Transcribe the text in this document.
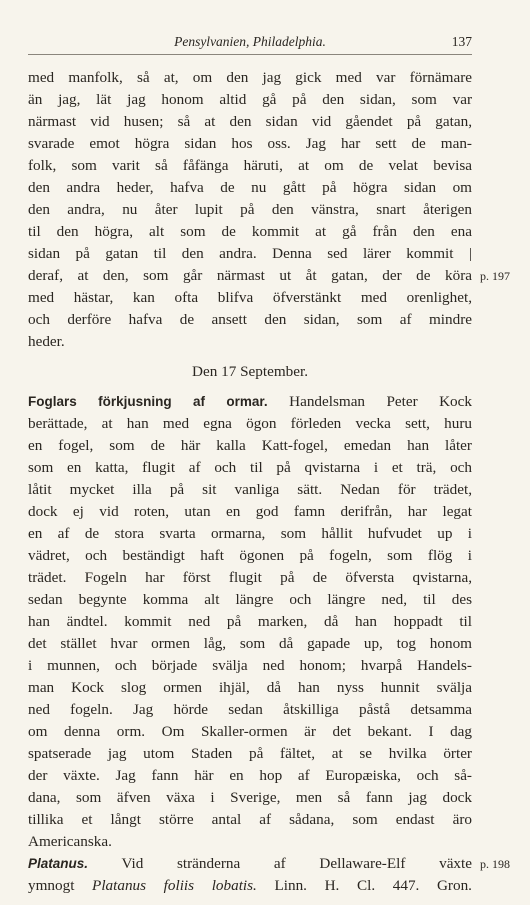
Pensylvanien, Philadelphia.	137
med manfolk, så at, om den jag gick med var förnämare
än jag, lät jag honom altid gå på den sidan, som var
närmast vid husen; så at den sidan vid gåendet på gatan,
svarade emot högra sidan hos oss. Jag har sett de man-
folk, som varit så fåfänga häruti, at om de velat bevisa
den andra heder, hafva de nu gått på högra sidan om
den andra, nu åter lupit på den vänstra, snart återigen
til den högra, alt som de kommit at gå från den ena
sidan på gatan til den andra. Denna sed lärer kommit |
deraf, at den, som går närmast ut åt gatan, der de köra
med hästar, kan ofta blifva öfverstänkt med orenlighet,
och derföre hafva de ansett den sidan, som af mindre
heder.
Den 17 September.
Foglars förkjusning af ormar. Handelsman Peter Kock
berättade, at han med egna ögon förleden vecka sett, huru
en fogel, som de här kalla Katt-fogel, emedan han låter
som en katta, flugit af och til på qvistarna i et trä, och
låtit mycket illa på sit vanliga sätt. Nedan för trädet,
dock ej vid roten, utan en god famn derifrån, har legat
en af de stora svarta ormarna, som hållit hufvudet up i
vädret, och beständigt haft ögonen på fogeln, som flög i
trädet. Fogeln har först flugit på de öfversta qvistarna,
sedan begynte komma alt längre och längre ned, til des
han ändtel. kommit ned på marken, då han hoppadt til
det stället hvar ormen låg, som då gapade up, tog honom
i munnen, och började svälja ned honom; hvarpå Handels-
man Kock slog ormen ihjäl, då han nyss hunnit svälja
ned fogeln. Jag hörde sedan åtskilliga påstå detsamma
om denna orm. Om Skaller-ormen är det bekant. I dag
spatserade jag utom Staden på fältet, at se hvilka örter
der växte. Jag fann här en hop af Europæiska, och så-
dana, som äfven växa i Sverige, men så fann jag dock
tillika et långt större antal af sådana, som endast äro
Americanska.
Platanus. Vid stränderna af Dellaware-Elf växte
ymnogt Platanus foliis lobatis. Linn. H. Cl. 447. Gron.
p. 197
p. 198
